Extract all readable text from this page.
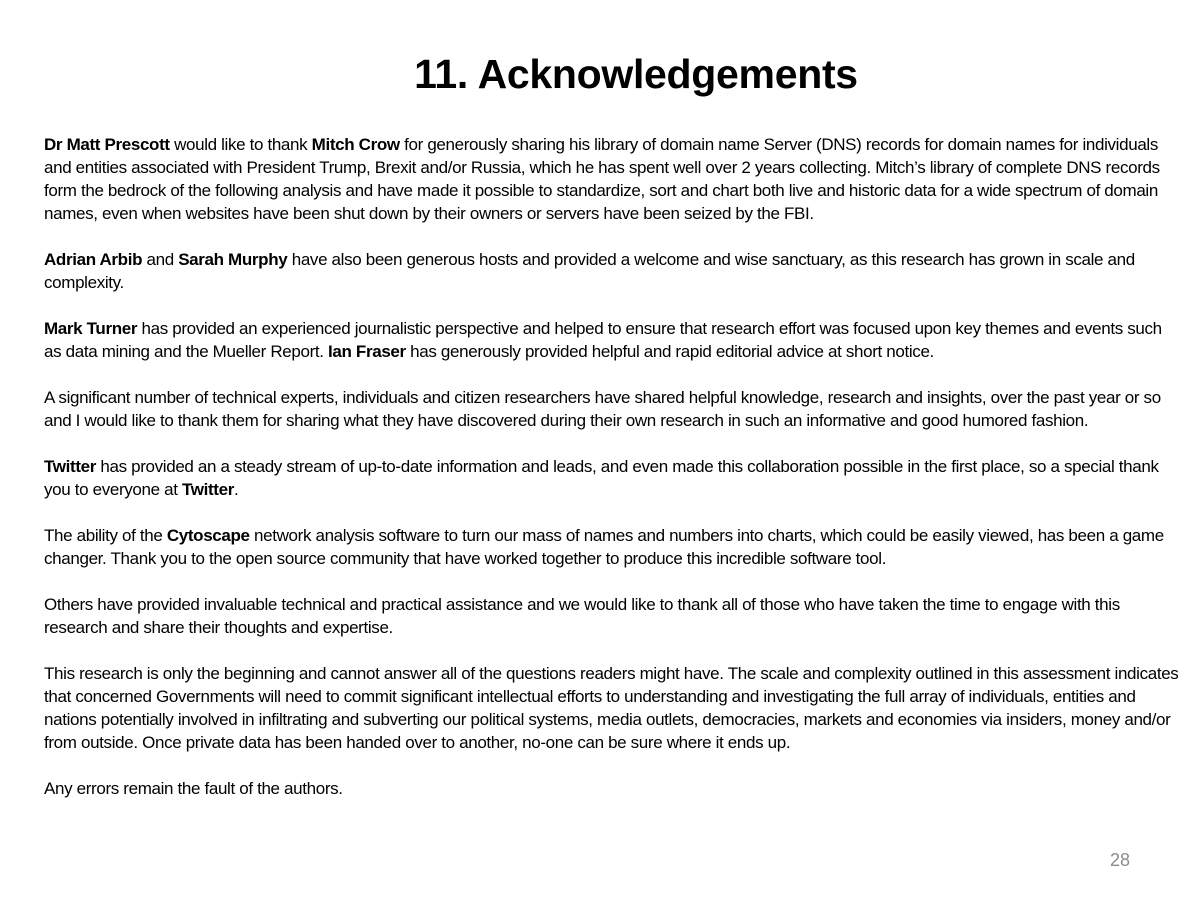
11. Acknowledgements

Dr Matt Prescott would like to thank Mitch Crow for generously sharing his library of domain name Server (DNS) records for domain names for individuals and entities associated with President Trump, Brexit and/or Russia, which he has spent well over 2 years collecting. Mitch’s library of complete DNS records form the bedrock of the following analysis and have made it possible to standardize, sort and chart both live and historic data for a wide spectrum of domain names, even when websites have been shut down by their owners or servers have been seized by the FBI.

Adrian Arbib and Sarah Murphy have also been generous hosts and provided a welcome and wise sanctuary, as this research has grown in scale and complexity.

Mark Turner has provided an experienced journalistic perspective and helped to ensure that research effort was focused upon key themes and events such as data mining and the Mueller Report. Ian Fraser has generously provided helpful and rapid editorial advice at short notice.

A significant number of technical experts, individuals and citizen researchers have shared helpful knowledge, research and insights, over the past year or so and I would like to thank them for sharing what they have discovered during their own research in such an informative and good humored fashion.

Twitter has provided an a steady stream of up-to-date information and leads, and even made this collaboration possible in the first place, so a special thank you to everyone at Twitter.

The ability of the Cytoscape network analysis software to turn our mass of names and numbers into charts, which could be easily viewed, has been a game changer. Thank you to the open source community that have worked together to produce this incredible software tool.

Others have provided invaluable technical and practical assistance and we would like to thank all of those who have taken the time to engage with this research and share their thoughts and expertise.

This research is only the beginning and cannot answer all of the questions readers might have. The scale and complexity outlined in this assessment indicates that concerned Governments will need to commit significant intellectual efforts to understanding and investigating the full array of individuals, entities and nations potentially involved in infiltrating and subverting our political systems, media outlets, democracies, markets and economies via insiders, money and/or from outside. Once private data has been handed over to another, no-one can be sure where it ends up.

Any errors remain the fault of the authors.

28
